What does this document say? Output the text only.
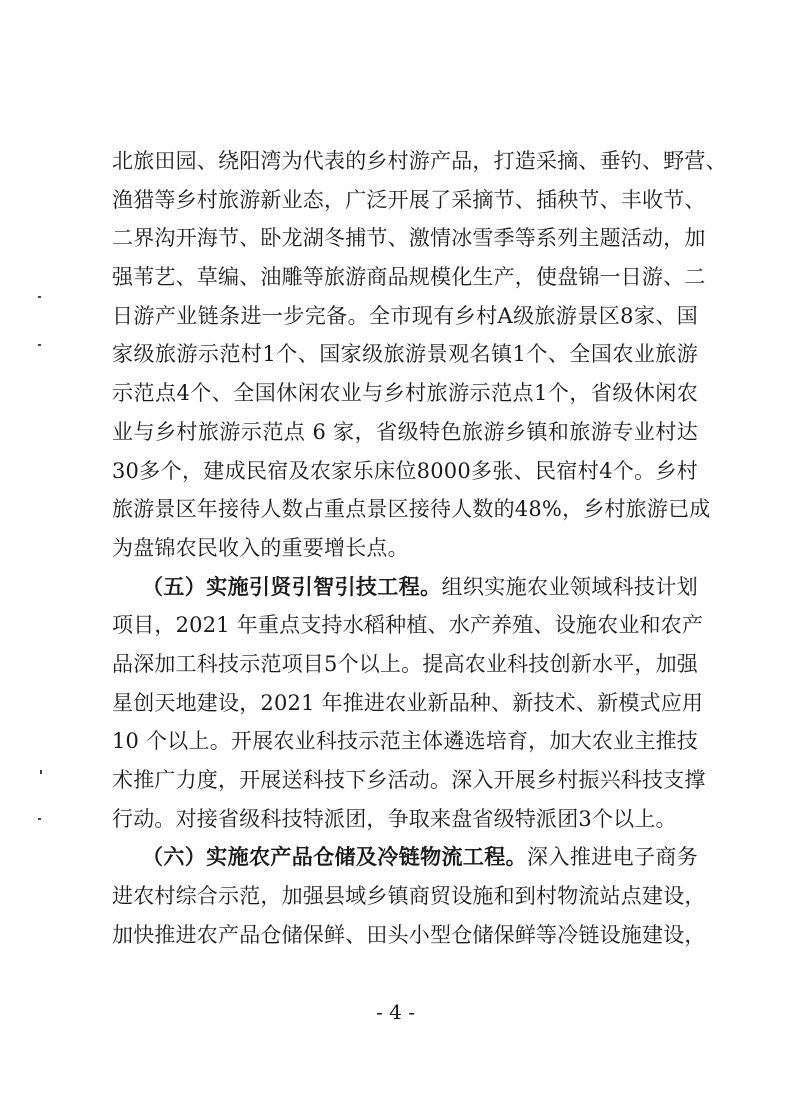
北旅田园、绕阳湾为代表的乡村游产品，打造采摘、垂钓、野营、
渔猎等乡村旅游新业态，广泛开展了采摘节、插秧节、丰收节、
二界沟开海节、卧龙湖冬捕节、激情冰雪季等系列主题活动，加
强苇艺、草编、油雕等旅游商品规模化生产，使盘锦一日游、二
日游产业链条进一步完备。全市现有乡村A级旅游景区8家、国
家级旅游示范村1个、国家级旅游景观名镇1个、全国农业旅游
示范点4个、全国休闲农业与乡村旅游示范点1个，省级休闲农
业与乡村旅游示范点 6 家，省级特色旅游乡镇和旅游专业村达
30多个，建成民宿及农家乐床位8000多张、民宿村4个。乡村
旅游景区年接待人数占重点景区接待人数的48%，乡村旅游已成
为盘锦农民收入的重要增长点。
（五）实施引贤引智引技工程。组织实施农业领域科技计划
项目，2021 年重点支持水稻种植、水产养殖、设施农业和农产
品深加工科技示范项目5个以上。提高农业科技创新水平，加强
星创天地建设，2021 年推进农业新品种、新技术、新模式应用
10 个以上。开展农业科技示范主体遴选培育，加大农业主推技
术推广力度，开展送科技下乡活动。深入开展乡村振兴科技支撑
行动。对接省级科技特派团，争取来盘省级特派团3个以上。
（六）实施农产品仓储及冷链物流工程。深入推进电子商务
进农村综合示范，加强县域乡镇商贸设施和到村物流站点建设，
加快推进农产品仓储保鲜、田头小型仓储保鲜等冷链设施建设，
- 4 -
